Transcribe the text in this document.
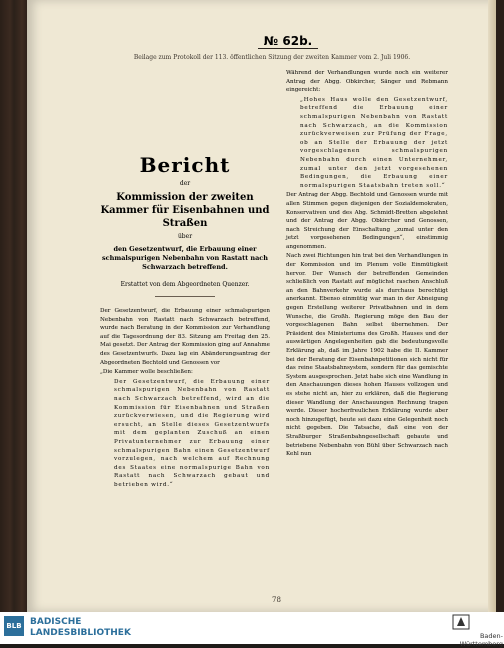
№ 62b.
Beilage zum Protokoll der 113. öffentlichen Sitzung der zweiten Kammer vom 2. Juli 1906.
Bericht
der
Kommission der zweiten Kammer für Eisenbahnen und Straßen
über
den Gesetzentwurf, die Erbauung einer schmalspurigen Nebenbahn von Rastatt nach Schwarzach betreffend.
Erstattet von dem Abgeordneten Quenzer.

Der Gesetzentwurf, die Erbauung einer schmalspurigen Nebenbahn von Rastatt nach Schwarzach betreffend, wurde nach Beratung in der Kommission zur Verhandlung auf die Tagesordnung der 83. Sitzung am Freitag den 25. Mai gesetzt. Der Antrag der Kommission ging auf Annahme des Gesetzentwurfs. Dazu lag ein Abänderungsantrag der Abgeordneten Bechtold und Genossen vor

„Die Kammer wolle beschließen:

Der Gesetzentwurf, die Erbauung einer schmalspurigen Nebenbahn von Rastatt nach Schwarzach betreffend, wird an die Kommission für Eisenbahnen und Straßen zurückverwiesen, und die Regierung wird ersucht, an Stelle dieses Gesetzentwurfs mit dem geplanten Zuschuß an einen Privatunternehmer zur Erbauung einer schmalspurigen Bahn einen Gesetzentwurf vorzulegen, nach welchem auf Rechnung des Staates eine normalspurige Bahn von Rastatt nach Schwarzach gebaut und betrieben wird.“

Während der Verhandlungen wurde noch ein weiterer Antrag der Abgg. Obkircher, Sänger und Rebmann eingereicht:

„Hohes Haus wolle den Gesetzentwurf, betreffend die Erbauung einer schmalspurigen Nebenbahn von Rastatt nach Schwarzach, an die Kommission zurückverweisen zur Prüfung der Frage, ob an Stelle der Erbauung der jetzt vorgeschlagenen schmalspurigen Nebenbahn durch einen Unternehmer, zumal unter den jetzt vorgesehenen Bedingungen, die Erbauung einer normalspurigen Staatsbahn treten soll.“

Der Antrag der Abgg. Bechtold und Genossen wurde mit allen Stimmen gegen diejenigen der Sozialdemokraten, Konservativen und des Abg. Schmidt-Bretten abgelehnt und der Antrag der Abgg. Obkircher und Genossen, nach Streichung der Einschaltung „zumal unter den jetzt vorgesehenen Bedingungen“, einstimmig angenommen.

Nach zwei Richtungen hin trat bei den Verhandlungen in der Kommission und im Plenum volle Einmütigkeit hervor. Der Wunsch der betreffenden Gemeinden schließlich von Rastatt auf möglichst raschen Anschluß an den Bahnverkehr wurde als durchaus berechtigt anerkannt. Ebenso einmütig war man in der Abneigung gegen Erstellung weiterer Privatbahnen und in dem Wunsche, die Großh. Regierung möge den Bau der vorgeschlagenen Bahn selbst übernehmen. Der Präsident des Ministeriums des Großh. Hauses und der auswärtigen Angelegenheiten gab die bedeutungsvolle Erklärung ab, daß im Jahre 1902 habe die II. Kammer bei der Beratung der Eisenbahnpetitionen sich nicht für das reine Staatsbahnsystem, sondern für das gemischte System ausgesprochen. Jetzt habe sich eine Wandlung in den Anschauungen dieses hohen Hauses vollzogen und es stehe nicht an, hier zu erklären, daß die Regierung dieser Wandlung der Anschauungen Rechnung tragen werde. Dieser hocherfreulichen Erklärung wurde aber noch hinzugefügt, heute sei dazu eine Gelegenheit noch nicht gegeben. Die Tatsache, daß eine von der Straßburger Straßenbahngesellschaft gebaute und betriebene Nebenbahn von Bühl über Schwarzach nach Kehl nun

78
BLB BADISCHE
LANDESBIBLIOTHEK	Baden-Württemberg
